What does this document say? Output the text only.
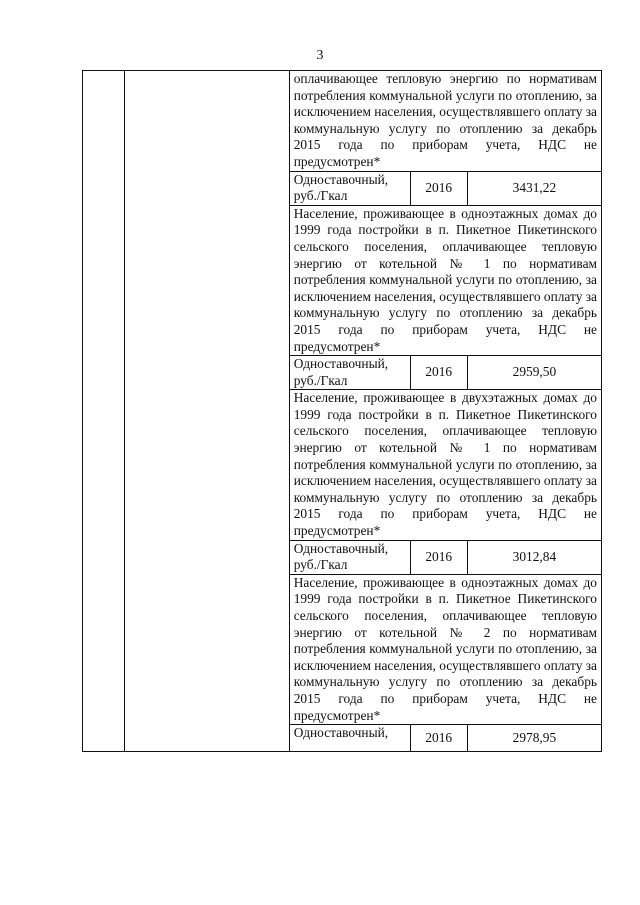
3
		оплачивающее тепловую энергию по нормативам потребления коммунальной услуги по отоплению, за исключением населения, осуществлявшего оплату за коммунальную услугу по отоплению за декабрь 2015 года по приборам учета, НДС не предусмотрен*		
		Одноставочный, руб./Гкал	2016	3431,22
		Население, проживающее в одноэтажных домах до 1999 года постройки в п. Пикетное Пикетинского сельского поселения, оплачивающее тепловую энергию от котельной № 1 по нормативам потребления коммунальной услуги по отоплению, за исключением населения, осуществлявшего оплату за коммунальную услугу по отоплению за декабрь 2015 года по приборам учета, НДС не предусмотрен*		
		Одноставочный, руб./Гкал	2016	2959,50
		Население, проживающее в двухэтажных домах до 1999 года постройки в п. Пикетное Пикетинского сельского поселения, оплачивающее тепловую энергию от котельной № 1 по нормативам потребления коммунальной услуги по отоплению, за исключением населения, осуществлявшего оплату за коммунальную услугу по отоплению за декабрь 2015 года по приборам учета, НДС не предусмотрен*		
		Одноставочный, руб./Гкал	2016	3012,84
		Население, проживающее в одноэтажных домах до 1999 года постройки в п. Пикетное Пикетинского сельского поселения, оплачивающее тепловую энергию от котельной № 2 по нормативам потребления коммунальной услуги по отоплению, за исключением населения, осуществлявшего оплату за коммунальную услугу по отоплению за декабрь 2015 года по приборам учета, НДС не предусмотрен*		
		Одноставочный,	2016	2978,95
